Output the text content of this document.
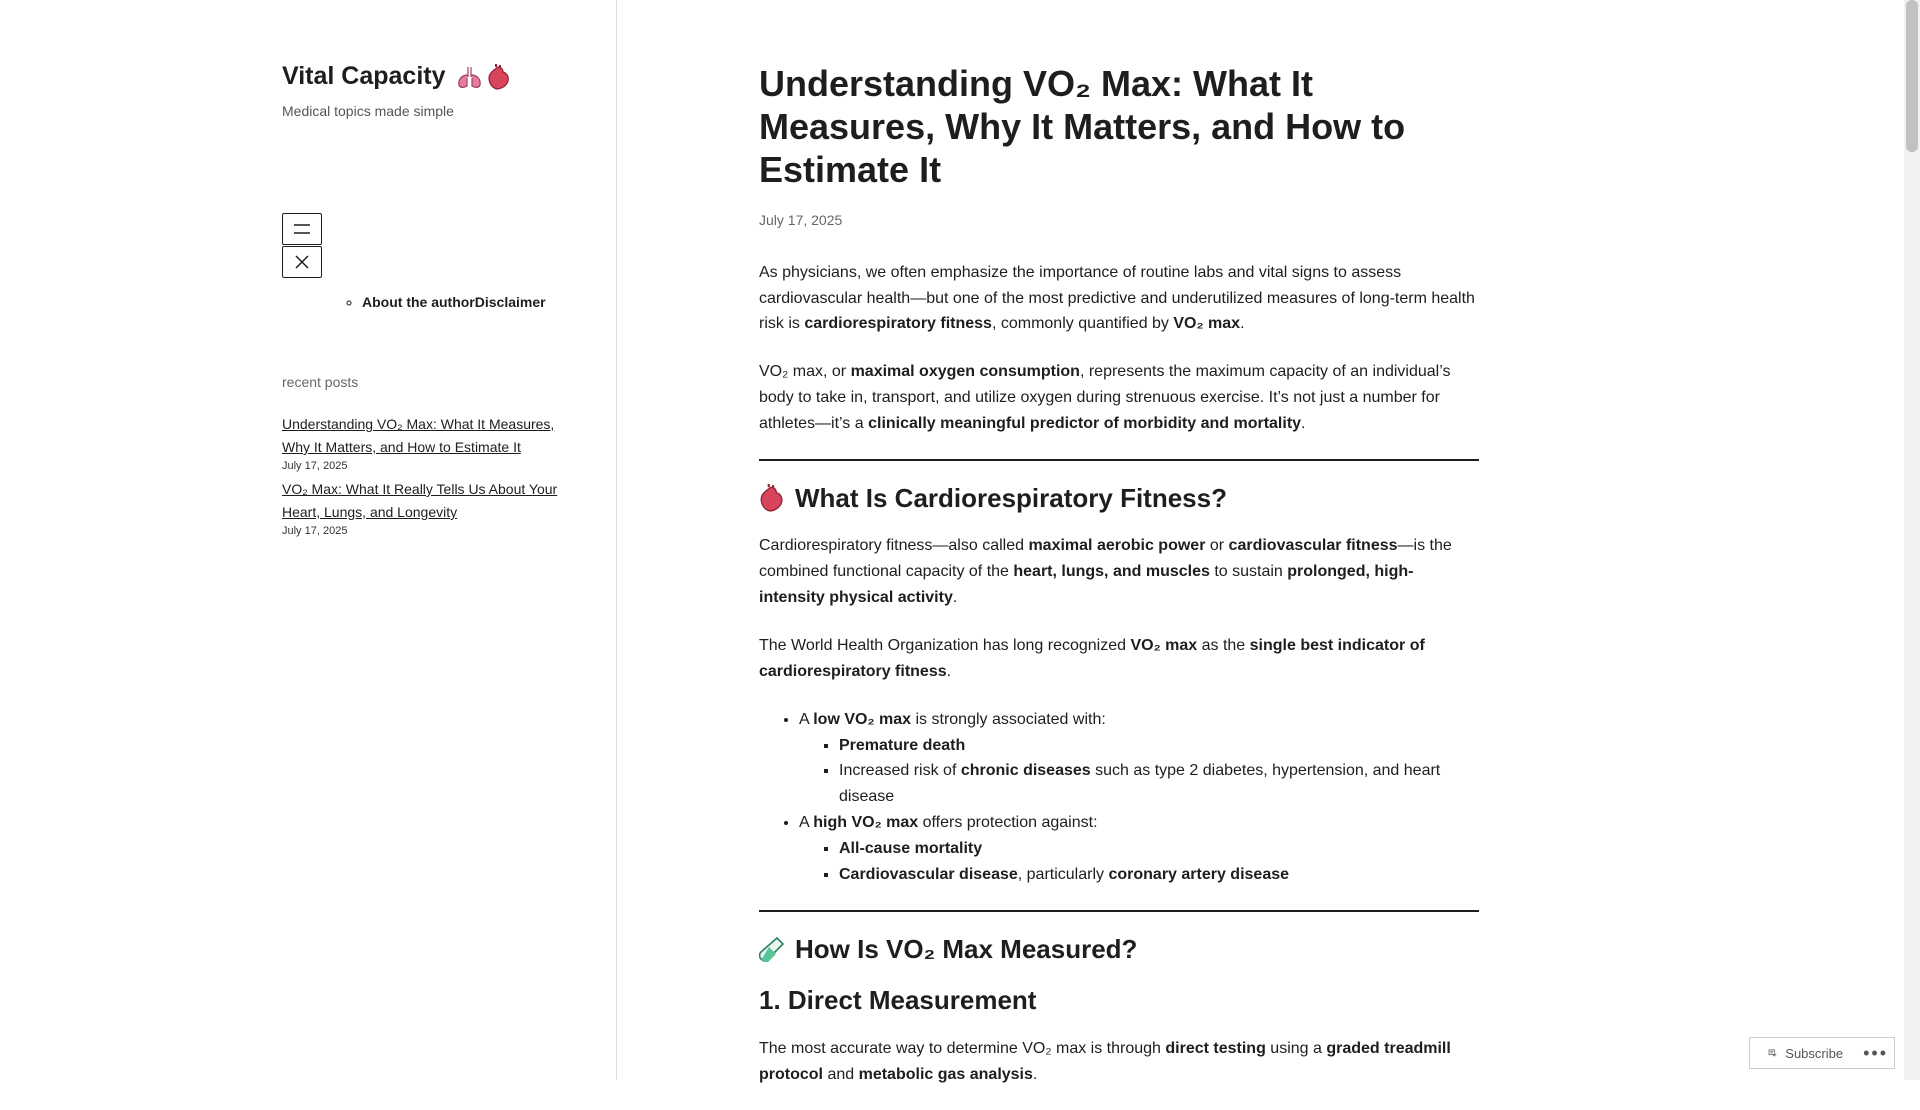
Vital Capacity
Medical topics made simple
◦ About the authorDisclaimer
recent posts
Understanding VO₂ Max: What It Measures, Why It Matters, and How to Estimate It
July 17, 2025
VO₂ Max: What It Really Tells Us About Your Heart, Lungs, and Longevity
July 17, 2025
Understanding VO₂ Max: What It Measures, Why It Matters, and How to Estimate It
July 17, 2025

As physicians, we often emphasize the importance of routine labs and vital signs to assess cardiovascular health—but one of the most predictive and underutilized measures of long-term health risk is cardiorespiratory fitness, commonly quantified by VO₂ max.

VO₂ max, or maximal oxygen consumption, represents the maximum capacity of an individual’s body to take in, transport, and utilize oxygen during strenuous exercise. It’s not just a number for athletes—it’s a clinically meaningful predictor of morbidity and mortality.

What Is Cardiorespiratory Fitness?

Cardiorespiratory fitness—also called maximal aerobic power or cardiovascular fitness—is the combined functional capacity of the heart, lungs, and muscles to sustain prolonged, high-intensity physical activity.

The World Health Organization has long recognized VO₂ max as the single best indicator of cardiorespiratory fitness.

• A low VO₂ max is strongly associated with:
▪ Premature death
▪ Increased risk of chronic diseases such as type 2 diabetes, hypertension, and heart disease
• A high VO₂ max offers protection against:
▪ All-cause mortality
▪ Cardiovascular disease, particularly coronary artery disease
How Is VO₂ Max Measured?
1. Direct Measurement

The most accurate way to determine VO₂ max is through direct testing using a graded treadmill protocol and metabolic gas analysis.

Subscribe •••
